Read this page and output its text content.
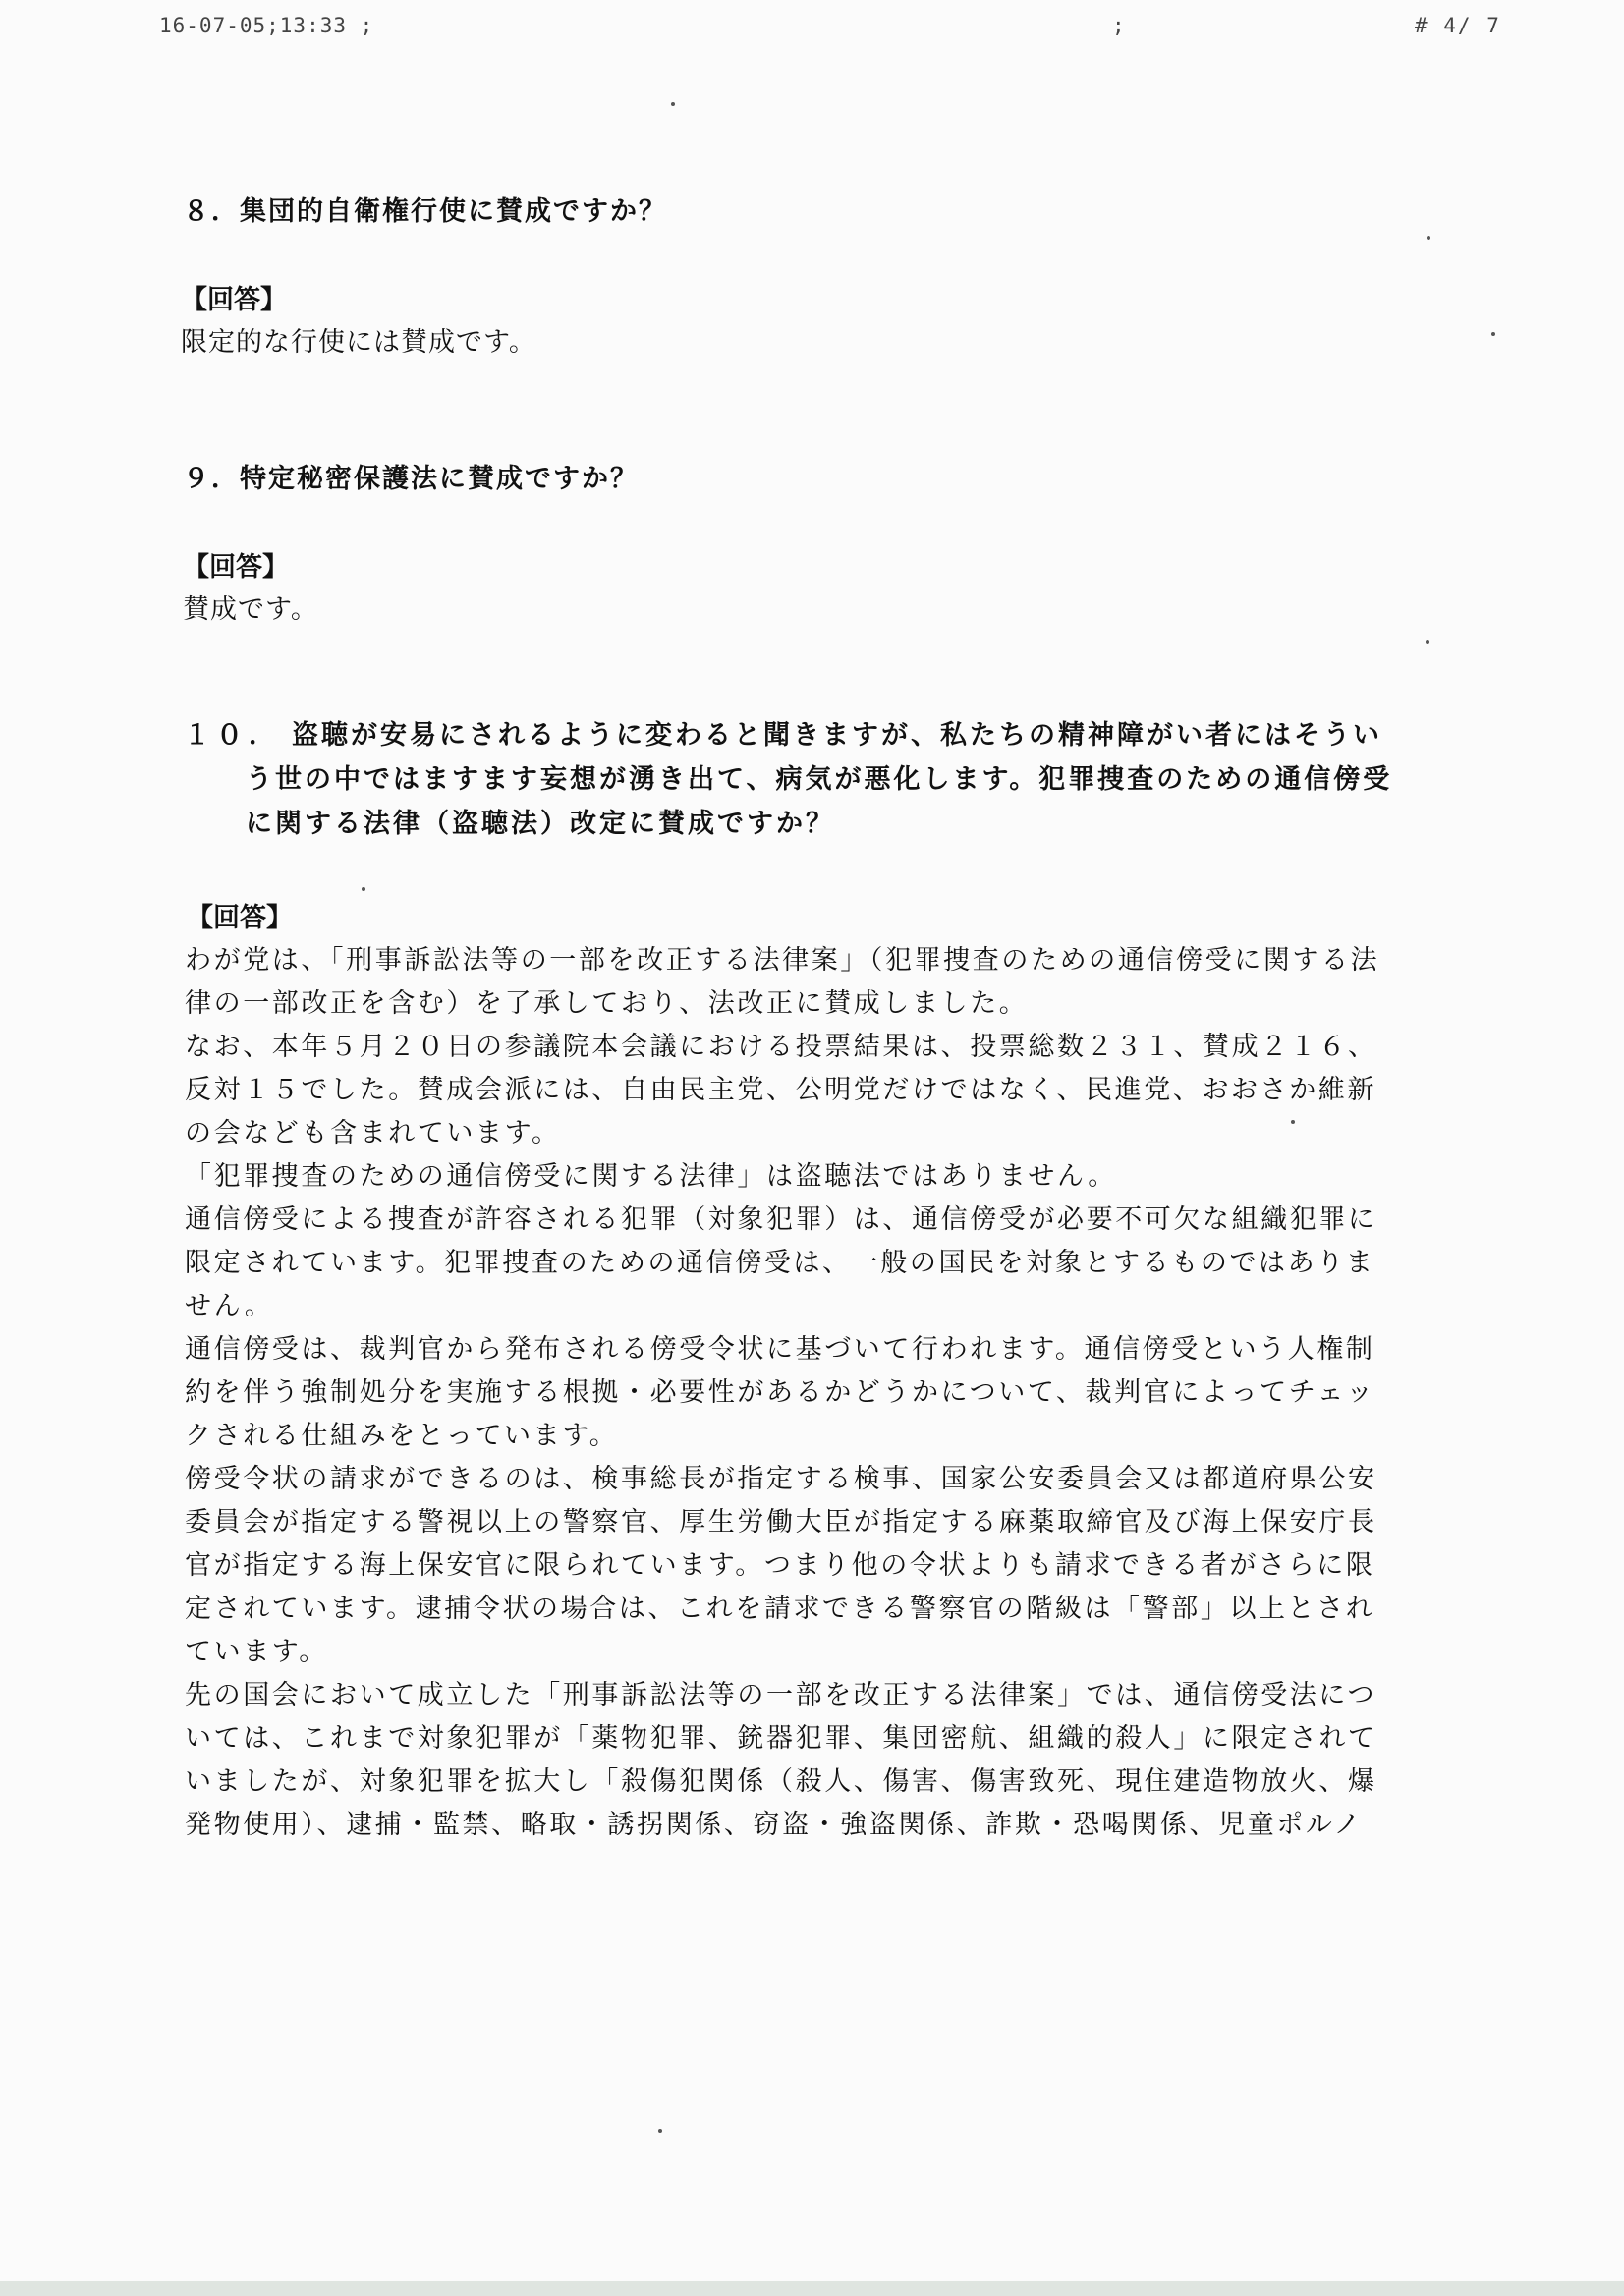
16-07-05;13:33 ;	;	# 4/ 7
８．集団的自衛権行使に賛成ですか？
【回答】
限定的な行使には賛成です。
９．特定秘密保護法に賛成ですか？
【回答】
賛成です。
１０． 盗聴が安易にされるように変わると聞きますが、私たちの精神障がい者にはそうい
う世の中ではますます妄想が湧き出て、病気が悪化します。犯罪捜査のための通信傍受
に関する法律（盗聴法）改定に賛成ですか？
【回答】
わが党は、「刑事訴訟法等の一部を改正する法律案」（犯罪捜査のための通信傍受に関する法
律の一部改正を含む）を了承しており、法改正に賛成しました。
なお、本年５月２０日の参議院本会議における投票結果は、投票総数２３１、賛成２１６、
反対１５でした。賛成会派には、自由民主党、公明党だけではなく、民進党、おおさか維新
の会なども含まれています。
「犯罪捜査のための通信傍受に関する法律」は盗聴法ではありません。
通信傍受による捜査が許容される犯罪（対象犯罪）は、通信傍受が必要不可欠な組織犯罪に
限定されています。犯罪捜査のための通信傍受は、一般の国民を対象とするものではありま
せん。
通信傍受は、裁判官から発布される傍受令状に基づいて行われます。通信傍受という人権制
約を伴う強制処分を実施する根拠・必要性があるかどうかについて、裁判官によってチェッ
クされる仕組みをとっています。
傍受令状の請求ができるのは、検事総長が指定する検事、国家公安委員会又は都道府県公安
委員会が指定する警視以上の警察官、厚生労働大臣が指定する麻薬取締官及び海上保安庁長
官が指定する海上保安官に限られています。つまり他の令状よりも請求できる者がさらに限
定されています。逮捕令状の場合は、これを請求できる警察官の階級は「警部」以上とされ
ています。
先の国会において成立した「刑事訴訟法等の一部を改正する法律案」では、通信傍受法につ
いては、これまで対象犯罪が「薬物犯罪、銃器犯罪、集団密航、組織的殺人」に限定されて
いましたが、対象犯罪を拡大し「殺傷犯関係（殺人、傷害、傷害致死、現住建造物放火、爆
発物使用）、逮捕・監禁、略取・誘拐関係、窃盗・強盗関係、詐欺・恐喝関係、児童ポルノ
